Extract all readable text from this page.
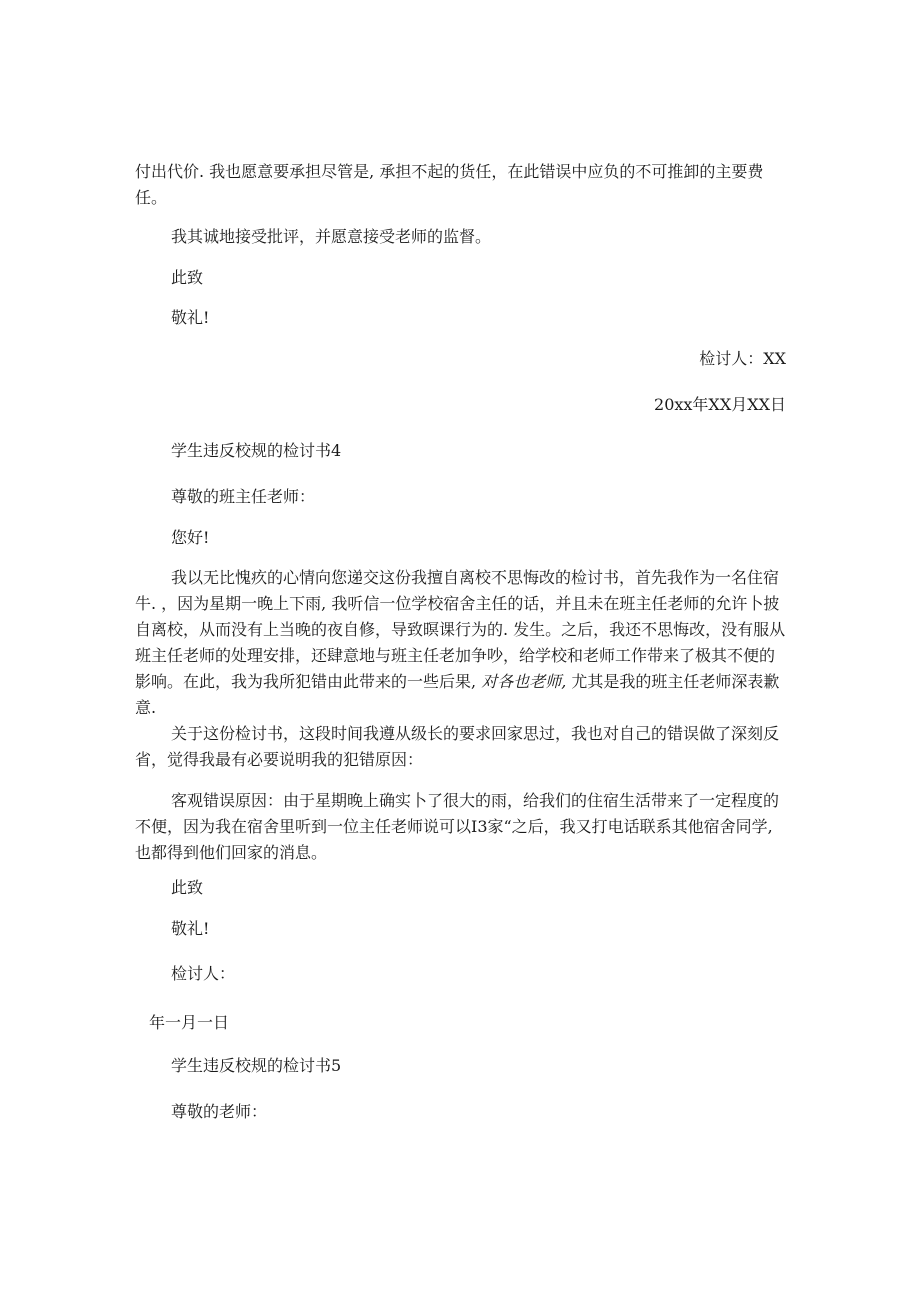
付出代价. 我也愿意要承担尽管是, 承担不起的货任，在此错误中应负的不可推卸的主要费任。
我其诚地接受批评，并愿意接受老师的监督。
此致
敬礼!
检讨人：XX
20xx年XX月XX日
学生违反校规的检讨书4
尊敬的班主任老师：
您好!
我以无比愧疚的心情向您递交这份我擅自离校不思悔改的检讨书，首先我作为一名住宿牛. ，因为星期一晚上下雨, 我听信一位学校宿舍主任的话，并且未在班主任老师的允许卜披自离校，从而没有上当晚的夜自修，导致暝课行为的. 发生。之后，我还不思悔改，没有服从班主任老师的处理安排，还肆意地与班主任老加争吵，给学校和老师工作带来了极其不便的影响。在此，我为我所犯错由此带来的一些后果, 对各也老师, 尤其是我的班主任老师深表歉意.
关于这份检讨书，这段时间我遵从级长的要求回家思过，我也对自己的错误做了深刻反省，觉得我最有必要说明我的犯错原因：
客观错误原因：由于星期晚上确实卜了很大的雨，给我们的住宿生活带来了一定程度的不便，因为我在宿舍里听到一位主任老师说可以I3家“之后，我又打电话联系其他宿舍同学, 也都得到他们回家的消息。
此致
敬礼!
检讨人：
年一月一日
学生违反校规的检讨书5
尊敬的老师：
